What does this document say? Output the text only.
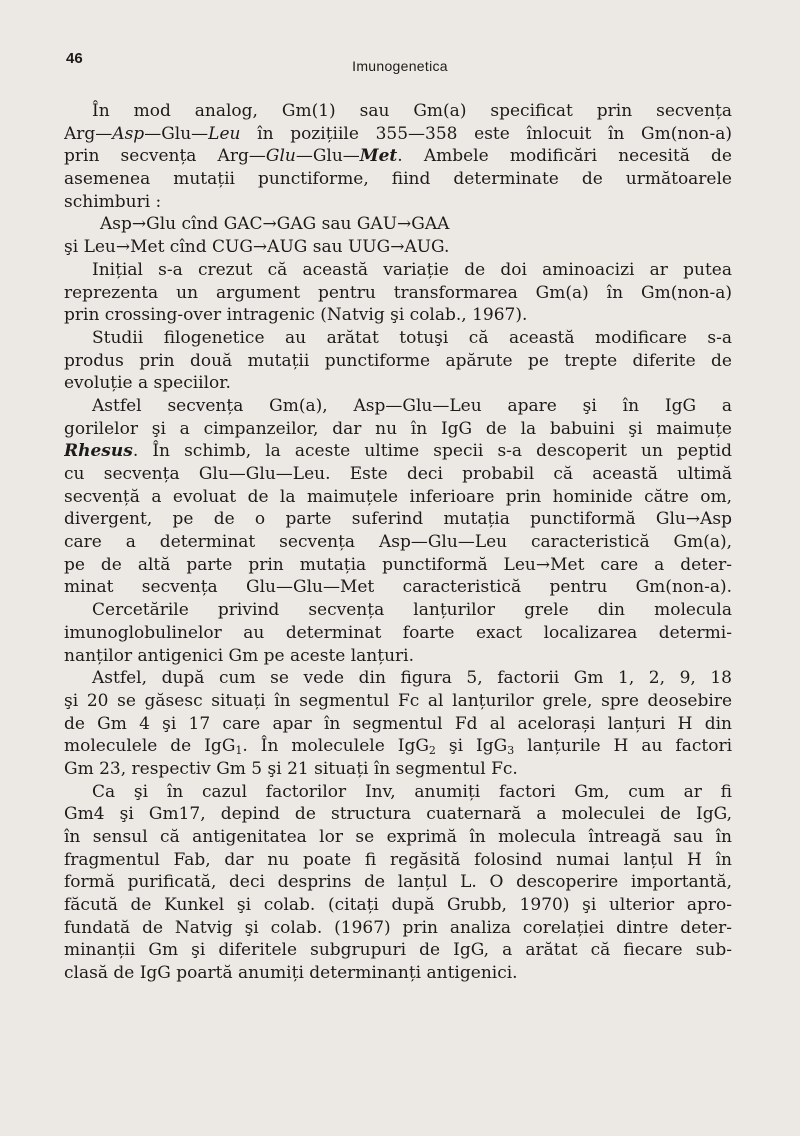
46	Imunogenetica
În mod analog, Gm(1) sau Gm(a) specificat prin secvența
Arg—Asp—Glu—Leu în pozițiile 355—358 este înlocuit în Gm(non-a)
prin secvența Arg—Glu—Glu—Met. Ambele modificări necesită de
asemenea mutații punctiforme, fiind determinate de următoarele
schimburi :
Asp→Glu cînd GAC→GAG sau GAU→GAA
şi Leu→Met cînd CUG→AUG sau UUG→AUG.
Inițial s-a crezut că această variație de doi aminoacizi ar putea
reprezenta un argument pentru transformarea Gm(a) în Gm(non-a)
prin crossing-over intragenic (Natvig şi colab., 1967).
Studii filogenetice au arătat totuşi că această modificare s-a
produs prin două mutații punctiforme apărute pe trepte diferite de
evoluție a speciilor.
Astfel secvența Gm(a), Asp—Glu—Leu apare şi în IgG a
gorilelor şi a cimpanzeilor, dar nu în IgG de la babuini şi maimuțe
Rhesus. În schimb, la aceste ultime specii s-a descoperit un peptid
cu secvența Glu—Glu—Leu. Este deci probabil că această ultimă
secvență a evoluat de la maimuțele inferioare prin hominide către om,
divergent, pe de o parte suferind mutația punctiformă Glu→Asp
care a determinat secvența Asp—Glu—Leu caracteristică Gm(a),
pe de altă parte prin mutația punctiformă Leu→Met care a deter-
minat secvența Glu—Glu—Met caracteristică pentru Gm(non-a).
Cercetările privind secvența lanțurilor grele din molecula
imunoglobulinelor au determinat foarte exact localizarea determi-
nanților antigenici Gm pe aceste lanțuri.
Astfel, după cum se vede din figura 5, factorii Gm 1, 2, 9, 18
şi 20 se găsesc situați în segmentul Fc al lanțurilor grele, spre deosebire
de Gm 4 şi 17 care apar în segmentul Fd al acelorași lanțuri H din
moleculele de IgG$_1$. În moleculele IgG$_2$ şi IgG$_3$ lanțurile H au factori
Gm 23, respectiv Gm 5 şi 21 situați în segmentul Fc.
Ca şi în cazul factorilor Inv, anumiți factori Gm, cum ar fi
Gm4 şi Gm17, depind de structura cuaternară a moleculei de IgG,
în sensul că antigenitatea lor se exprimă în molecula întreagă sau în
fragmentul Fab, dar nu poate fi regăsită folosind numai lanțul H în
formă purificată, deci desprins de lanțul L. O descoperire importantă,
făcută de Kunkel şi colab. (citați după Grubb, 1970) şi ulterior apro-
fundată de Natvig şi colab. (1967) prin analiza corelației dintre deter-
minanții Gm şi diferitele subgrupuri de IgG, a arătat că fiecare sub-
clasă de IgG poartă anumiți determinanți antigenici.
